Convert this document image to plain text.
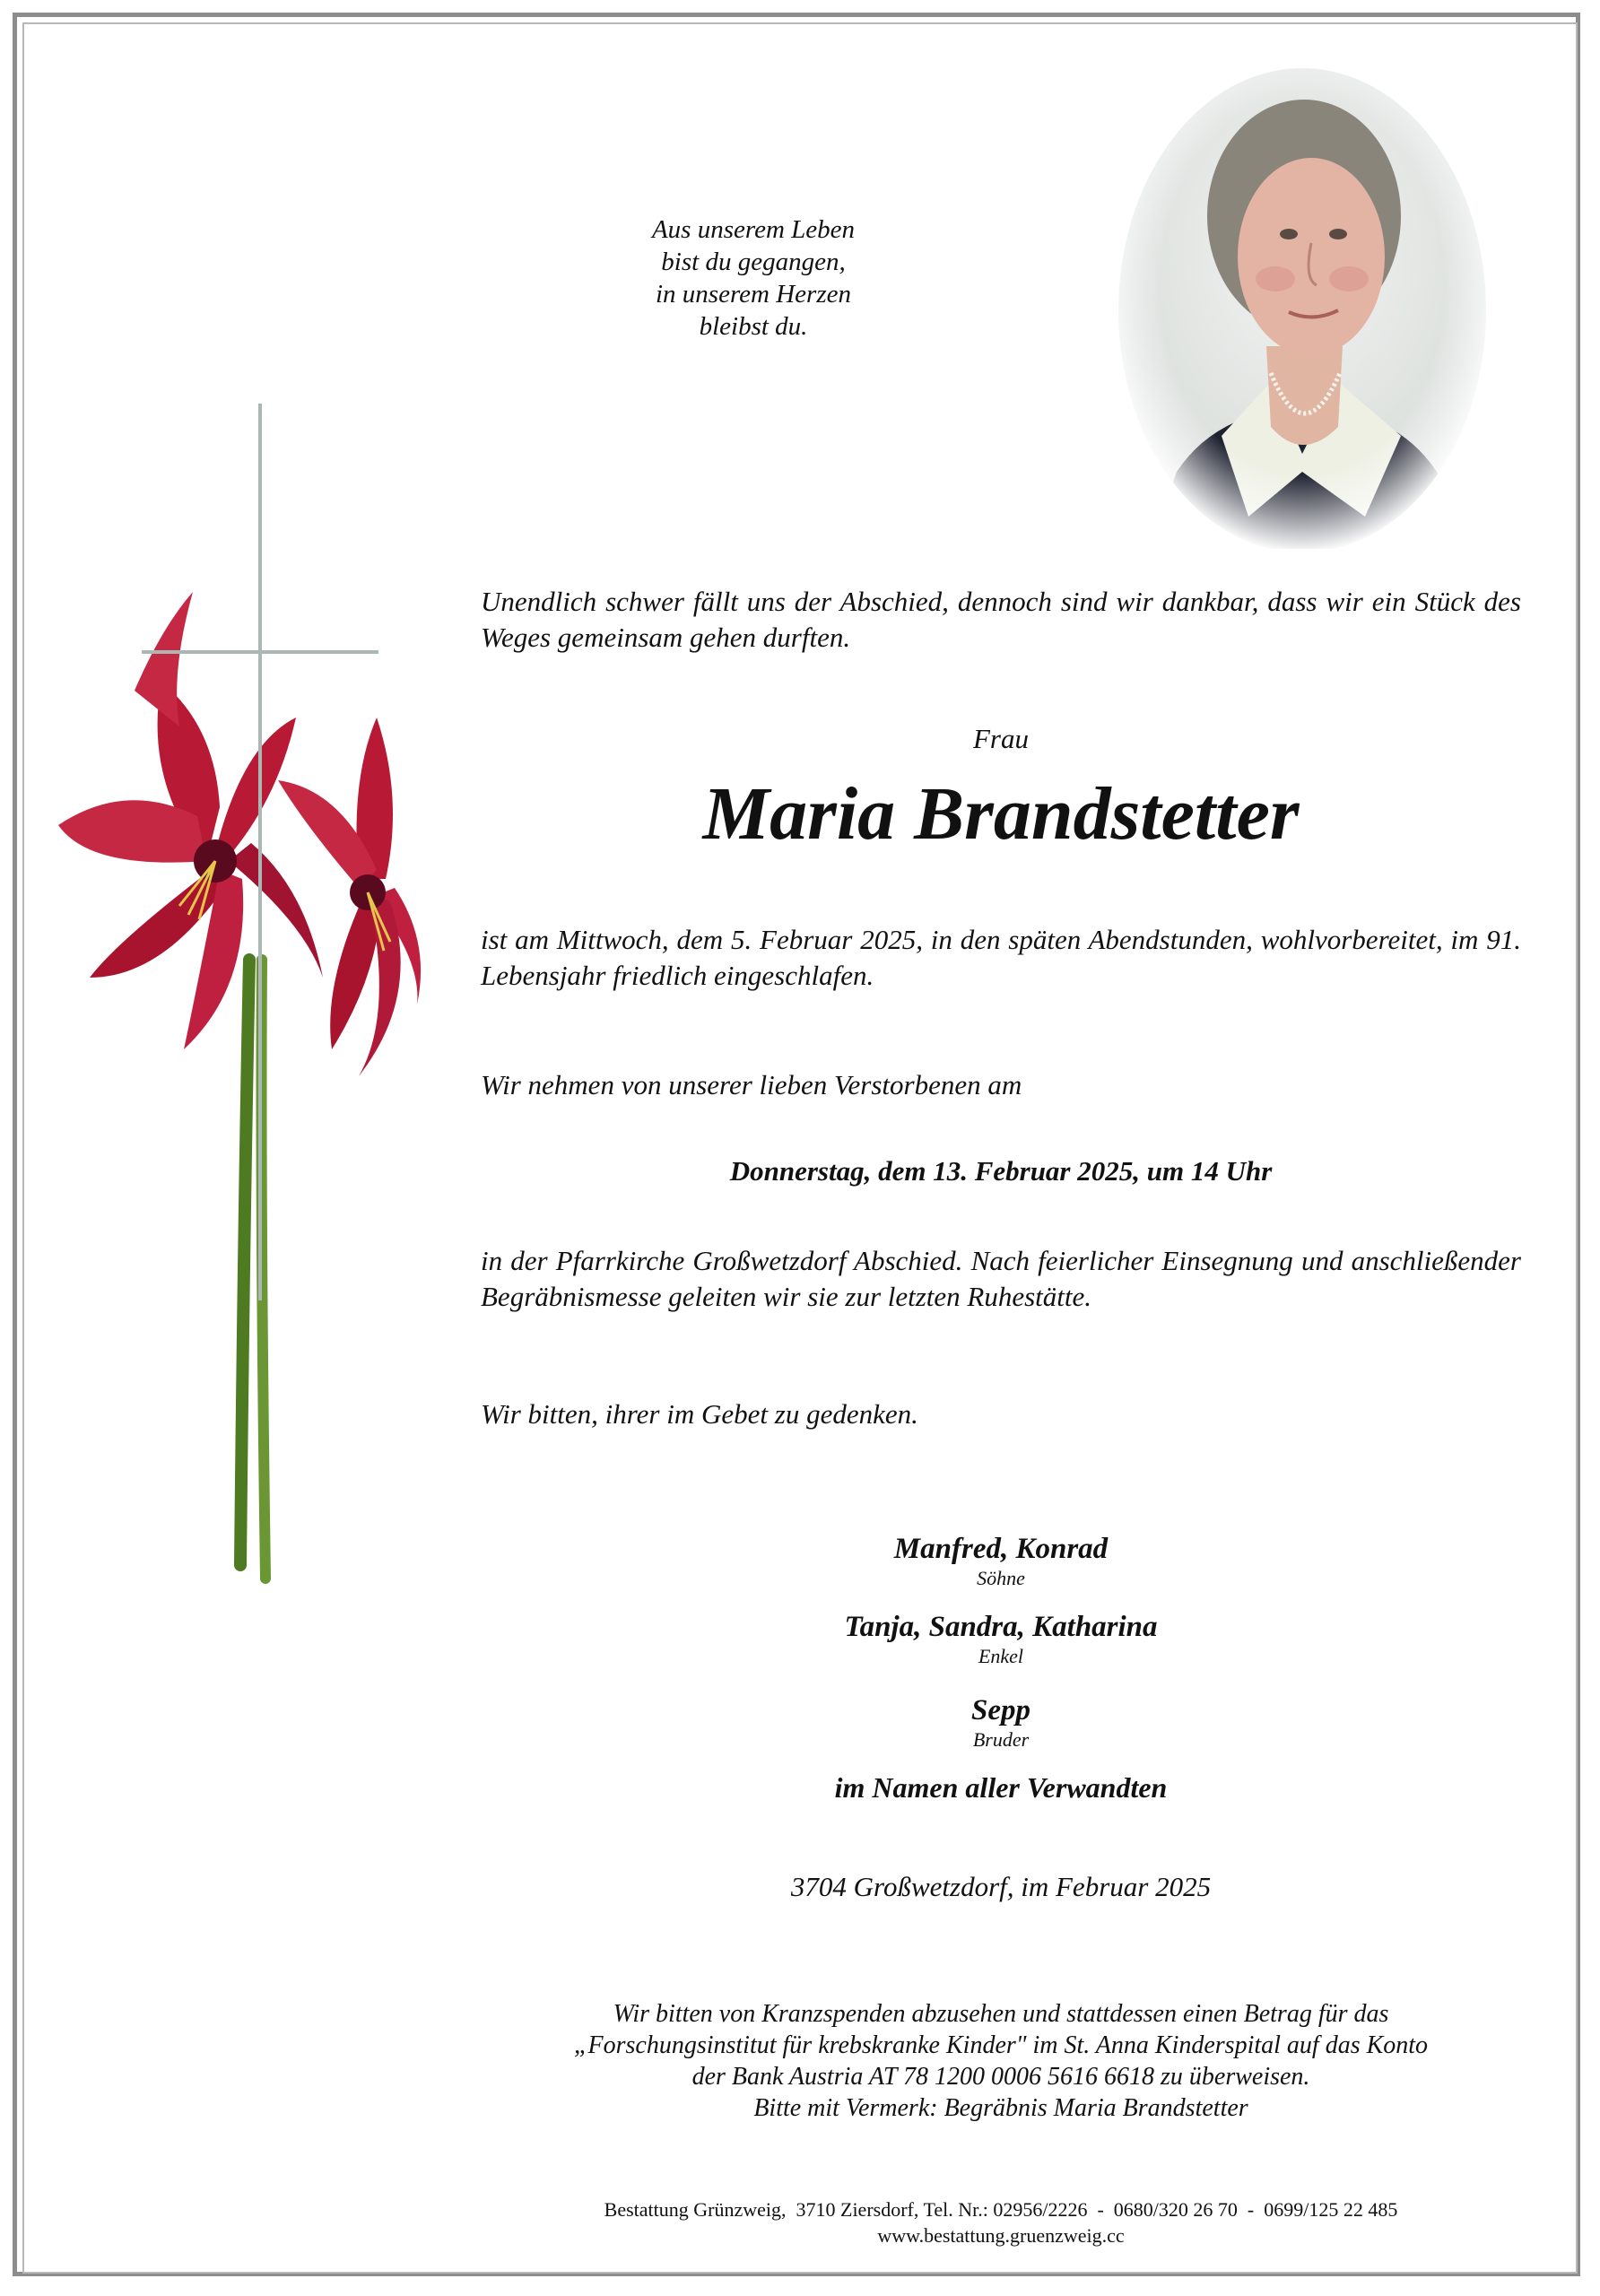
Aus unserem Leben
bist du gegangen,
in unserem Herzen
bleibst du.
Unendlich schwer fällt uns der Abschied, dennoch sind wir dankbar, dass wir ein Stück des Weges gemeinsam gehen durften.
Frau
Maria Brandstetter
ist am Mittwoch, dem 5. Februar 2025, in den späten Abendstunden, wohlvorbereitet, im 91. Lebensjahr friedlich eingeschlafen.
Wir nehmen von unserer lieben Verstorbenen am
Donnerstag, dem 13. Februar 2025, um 14 Uhr
in der Pfarrkirche Großwetzdorf Abschied. Nach feierlicher Einsegnung und anschließender Begräbnismesse geleiten wir sie zur letzten Ruhestätte.
Wir bitten, ihrer im Gebet zu gedenken.
Manfred, Konrad
Söhne
Tanja, Sandra, Katharina
Enkel
Sepp
Bruder
im Namen aller Verwandten
3704 Großwetzdorf, im Februar 2025
Wir bitten von Kranzspenden abzusehen und stattdessen einen Betrag für das
„Forschungsinstitut für krebskranke Kinder" im St. Anna Kinderspital auf das Konto
der Bank Austria AT 78 1200 0006 5616 6618 zu überweisen.
Bitte mit Vermerk: Begräbnis Maria Brandstetter
Bestattung Grünzweig,  3710 Ziersdorf, Tel. Nr.: 02956/2226  -  0680/320 26 70  -  0699/125 22 485
www.bestattung.gruenzweig.cc
